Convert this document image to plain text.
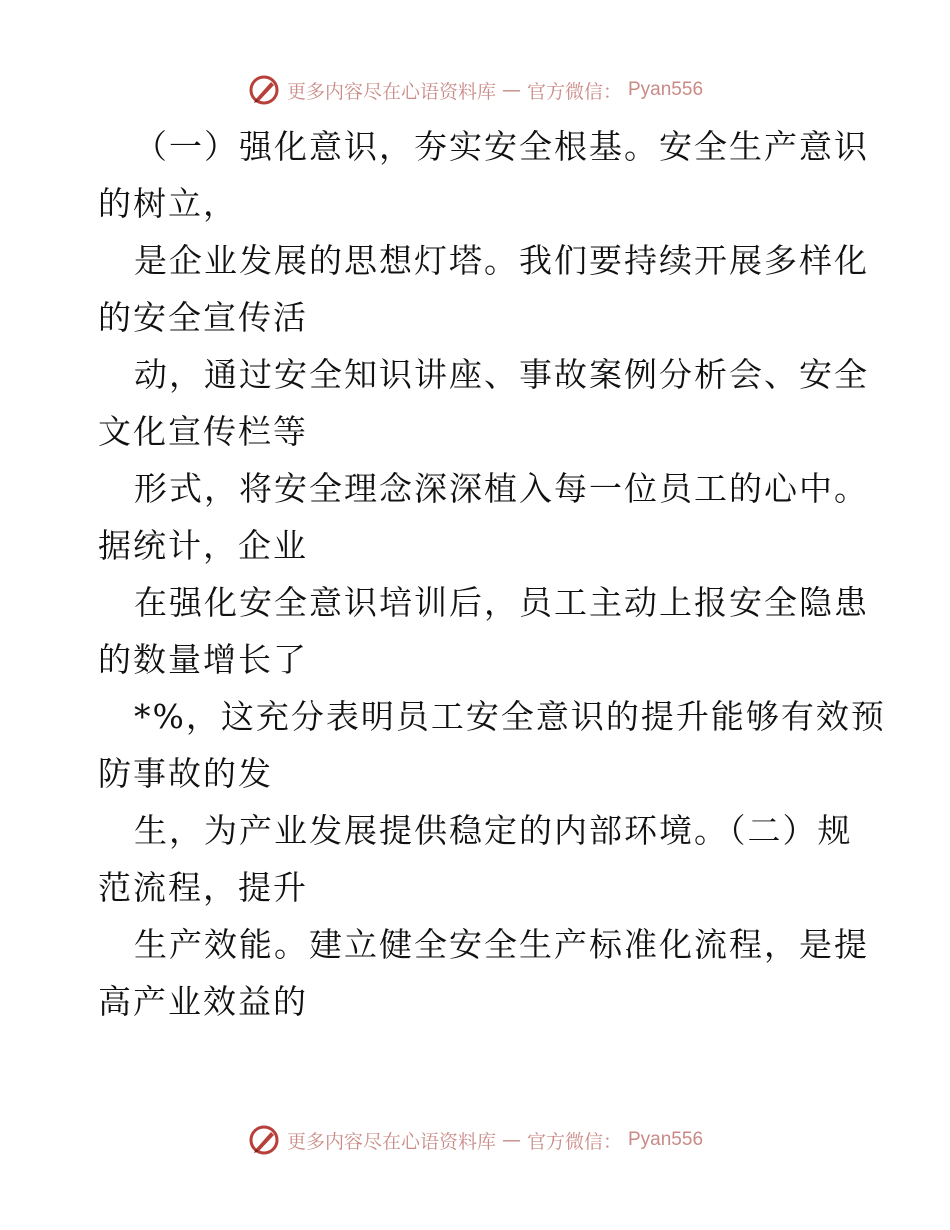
更多内容尽在心语资料库 — 官方微信： Pyan556

（一）强化意识，夯实安全根基。安全生产意识
的树立，

是企业发展的思想灯塔。我们要持续开展多样化
的安全宣传活

动，通过安全知识讲座、事故案例分析会、安全
文化宣传栏等

形式，将安全理念深深植入每一位员工的心中。
据统计，企业

在强化安全意识培训后，员工主动上报安全隐患
的数量增长了

*%，这充分表明员工安全意识的提升能够有效预
防事故的发

生，为产业发展提供稳定的内部环境。（二）规
范流程，提升

生产效能。建立健全安全生产标准化流程，是提
高产业效益的

更多内容尽在心语资料库 — 官方微信： Pyan556
